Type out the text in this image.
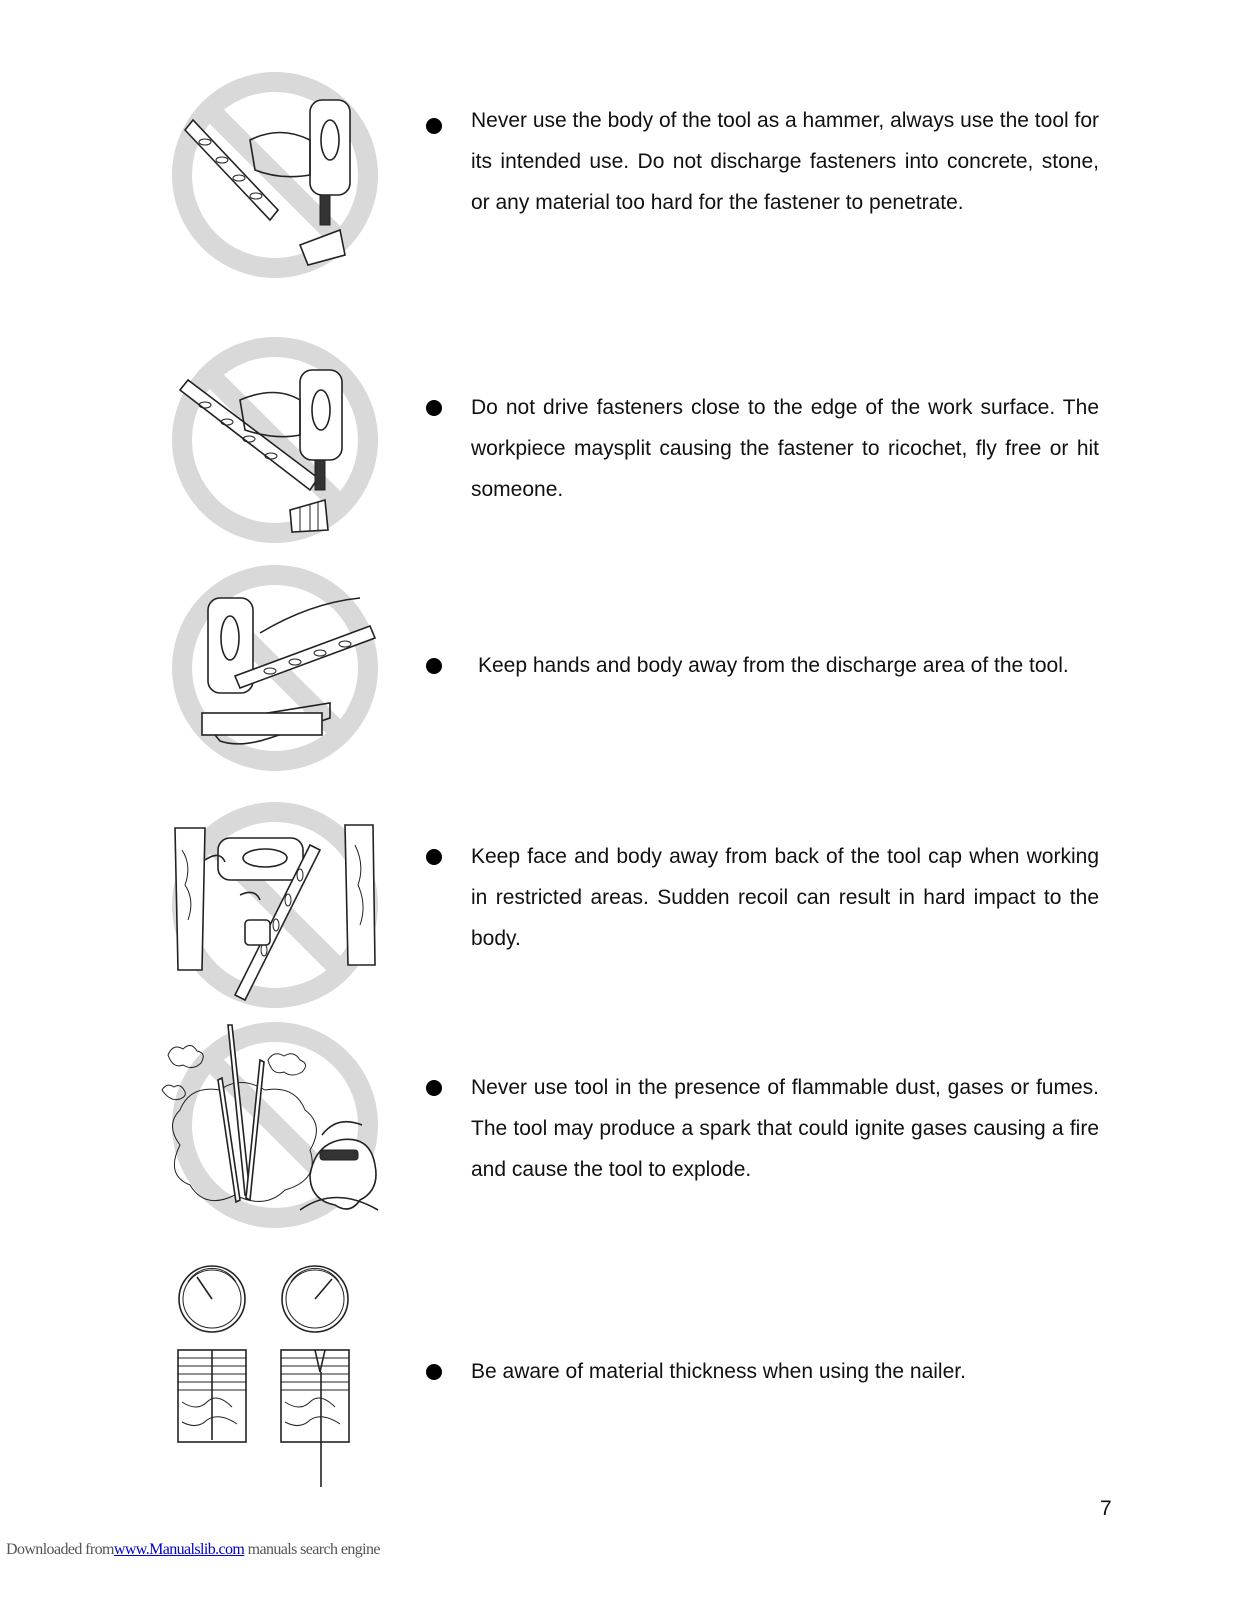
Never use the body of the tool as a hammer, always use the tool for its intended use. Do not discharge fasteners into concrete, stone, or any material too hard for the fastener to penetrate.

Do not drive fasteners close to the edge of the work surface. The workpiece maysplit causing the fastener to ricochet, fly free or hit someone.

Keep hands and body away from the discharge area of the tool.

Keep face and body away from back of the tool cap when working in restricted areas. Sudden recoil can result in hard impact to the body.

Never use tool in the presence of flammable dust, gases or fumes. The tool may produce a spark that could ignite gases causing a fire and cause the tool to explode.

Be aware of material thickness when using the nailer.

7
Downloaded fromwww.Manualslib.com manuals search engine
